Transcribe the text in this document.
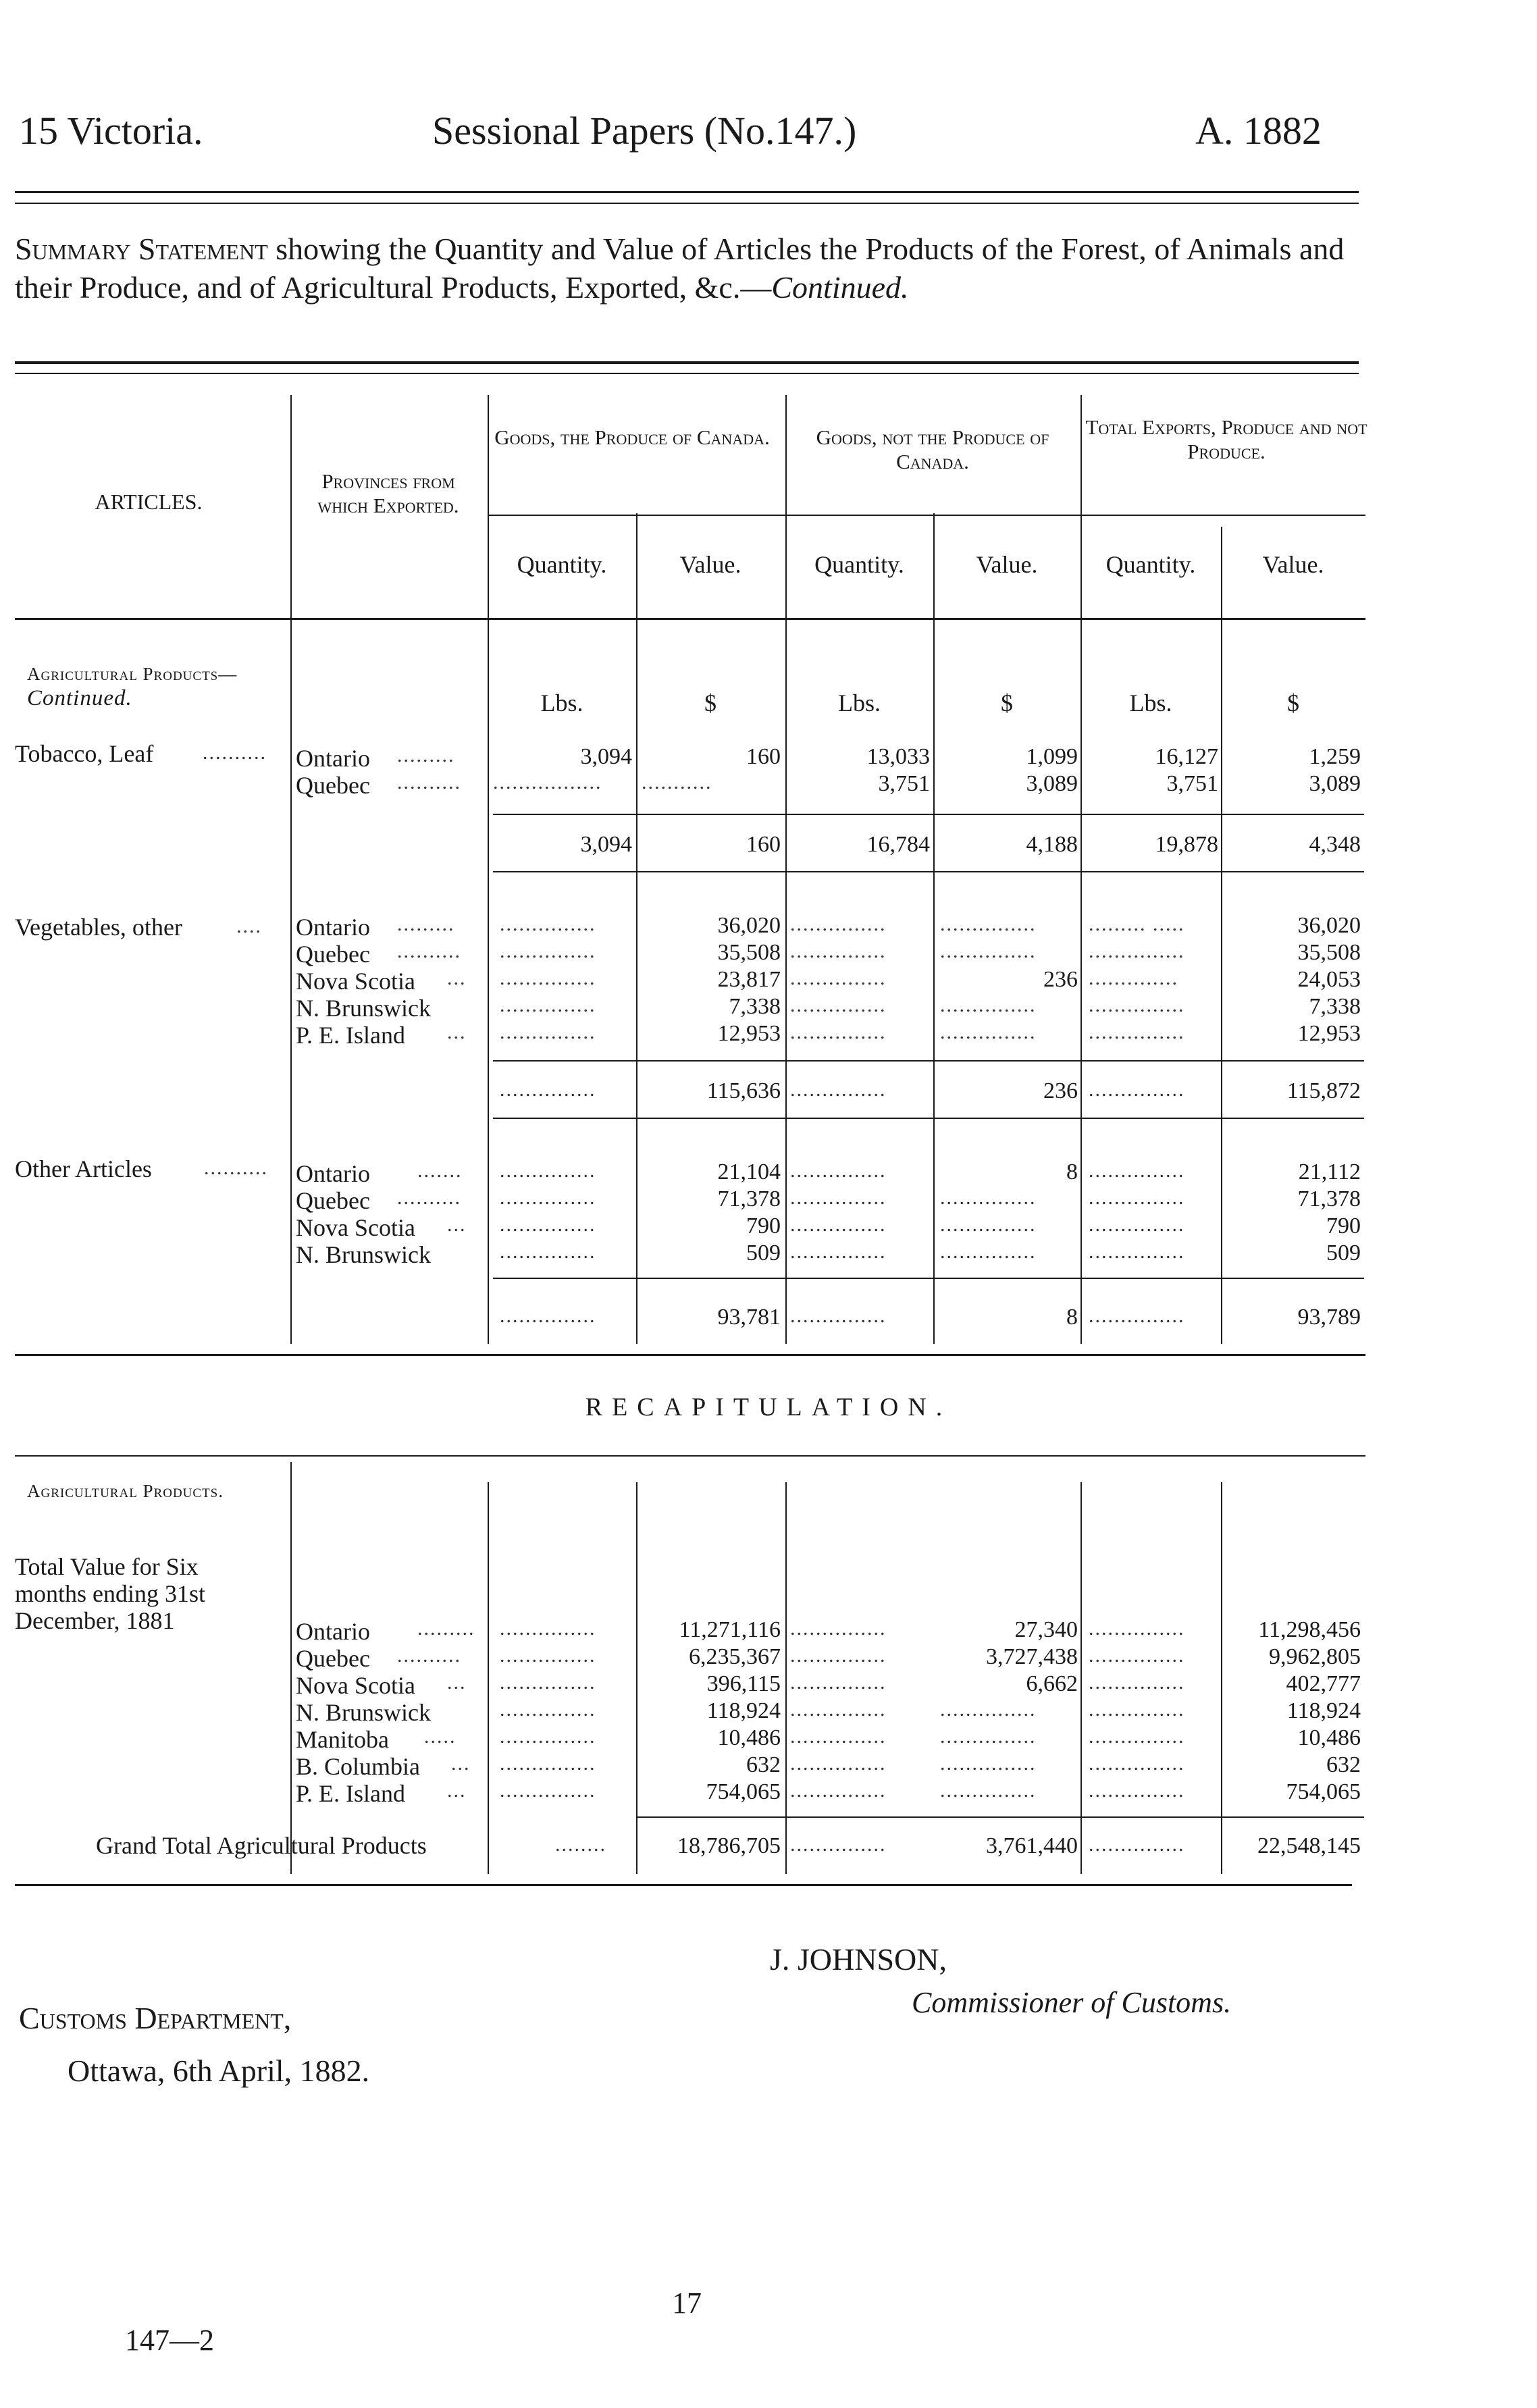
15 Victoria.	Sessional Papers (No.147.)	A. 1882
Summary Statement showing the Quantity and Value of Articles the Products of the Forest, of Animals and their Produce, and of Agricultural Products, Exported, &c.—Continued.
ARTICLES.
Provinces from which Exported.
Goods, the Produce of Canada.	Goods, not the Produce of Canada.
Total Exports, Produce and not Produce.
Quantity.	Value.	Quantity.	Value.	Quantity.	Value.
Agricultural Products—Continued.	Lbs.	$	Lbs.	$	Lbs.	$
Tobacco, Leaf ..........	Ontario .........	3,094	160	13,033	1,099	16,127	1,259
Quebec ..........	.................	...........	3,751	3,089	3,751	3,089
3,094	160	16,784	4,188	19,878	4,348
Vegetables, other	....	Ontario .........	...............	36,020 ...............	...............	......... .....	36,020
Quebec ..........	...............	35,508 ...............	...............	...............	35,508
Nova Scotia ...	...............	23,817 ...............	236 ..............	24,053
N. Brunswick	...............	7,338 ...............	...............	...............	7,338
P. E. Island ...	...............	12,953 ...............	...............	...............	12,953
...............	115,636 ...............	236 ...............	115,872
Other Articles	..........	Ontario .......	...............	21,104 ...............	8 ...............	21,112
Quebec ..........	...............	71,378 ...............	...............	...............	71,378
Nova Scotia ...	...............	790 ...............	...............	...............	790
N. Brunswick	...............	509 ...............	...............	...............	509
...............	93,781 ...............	8 ...............	93,789
RECAPITULATION.
Agricultural Products.
Total Value for Six
months ending 31st
December, 1881	Ontario .........	...............	11,271,116 ...............	27,340 ...............	11,298,456
Quebec ..........	...............	6,235,367 ...............	3,727,438 ...............	9,962,805
Nova Scotia ...	...............	396,115 ...............	6,662 ...............	402,777
N. Brunswick	...............	118,924 ...............	...............	...............	118,924
Manitoba .....	...............	10,486 ...............	...............	...............	10,486
B. Columbia ...	...............	632 ...............	...............	...............	632
P. E. Island ...	...............	754,065 ...............	...............	...............	754,065
Grand Total Agricultural Products	........	18,786,705 ...............	3,761,440 ...............	22,548,145
J. JOHNSON,
Commissioner of Customs.
Customs Department,
Ottawa, 6th April, 1882.
17
147—2
